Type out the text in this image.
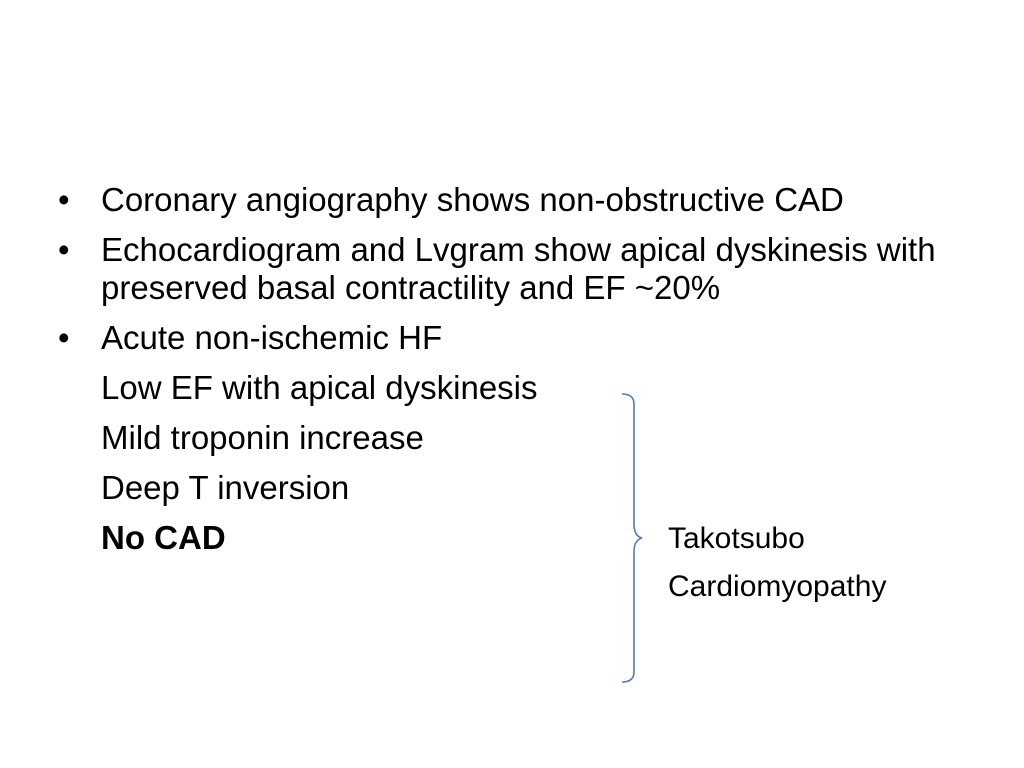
• Coronary angiography shows non-obstructive CAD
• Echocardiogram and Lvgram show apical dyskinesis with preserved basal contractility and EF ~20%
• Acute non-ischemic HF
Low EF with apical dyskinesis
Mild troponin increase
Deep T inversion
No CAD	Takotsubo
Cardiomyopathy
